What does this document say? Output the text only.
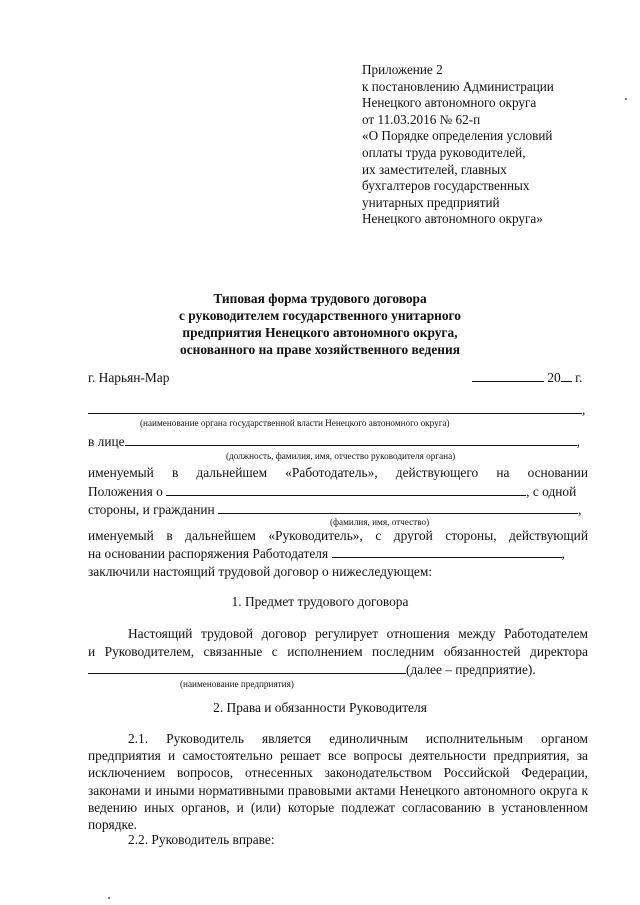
Приложение 2
к постановлению Администрации
Ненецкого автономного округа
от 11.03.2016 № 62-п
«О Порядке определения условий
оплаты труда руководителей,
их заместителей, главных
бухгалтеров государственных
унитарных предприятий
Ненецкого автономного округа»
Типовая форма трудового договора
с руководителем государственного унитарного
предприятия Ненецкого автономного округа,
основанного на праве хозяйственного ведения
г. Нарьян-Мар	20 г.
,
(наименование органа государственной власти Ненецкого автономного округа)
в лице	,
(должность, фамилия, имя, отчество руководителя органа)
именуемый в дальнейшем «Работодатель», действующего на основании
Положения о	, с одной
стороны, и гражданин	,
(фамилия, имя, отчество)
именуемый в дальнейшем «Руководитель», с другой стороны, действующий
на основании распоряжения Работодателя	,
заключили настоящий трудовой договор о нижеследующем:
1. Предмет трудового договора
Настоящий трудовой договор регулирует отношения между Работодателем
и Руководителем, связанные с исполнением последним обязанностей директора
(далее – предприятие).
(наименование предприятия)
2. Права и обязанности Руководителя
2.1. Руководитель является единоличным исполнительным органом предприятия и самостоятельно решает все вопросы деятельности предприятия, за исключением вопросов, отнесенных законодательством Российской Федерации, законами и иными нормативными правовыми актами Ненецкого автономного округа к ведению иных органов, и (или) которые подлежат согласованию в установленном порядке.
2.2. Руководитель вправе:
